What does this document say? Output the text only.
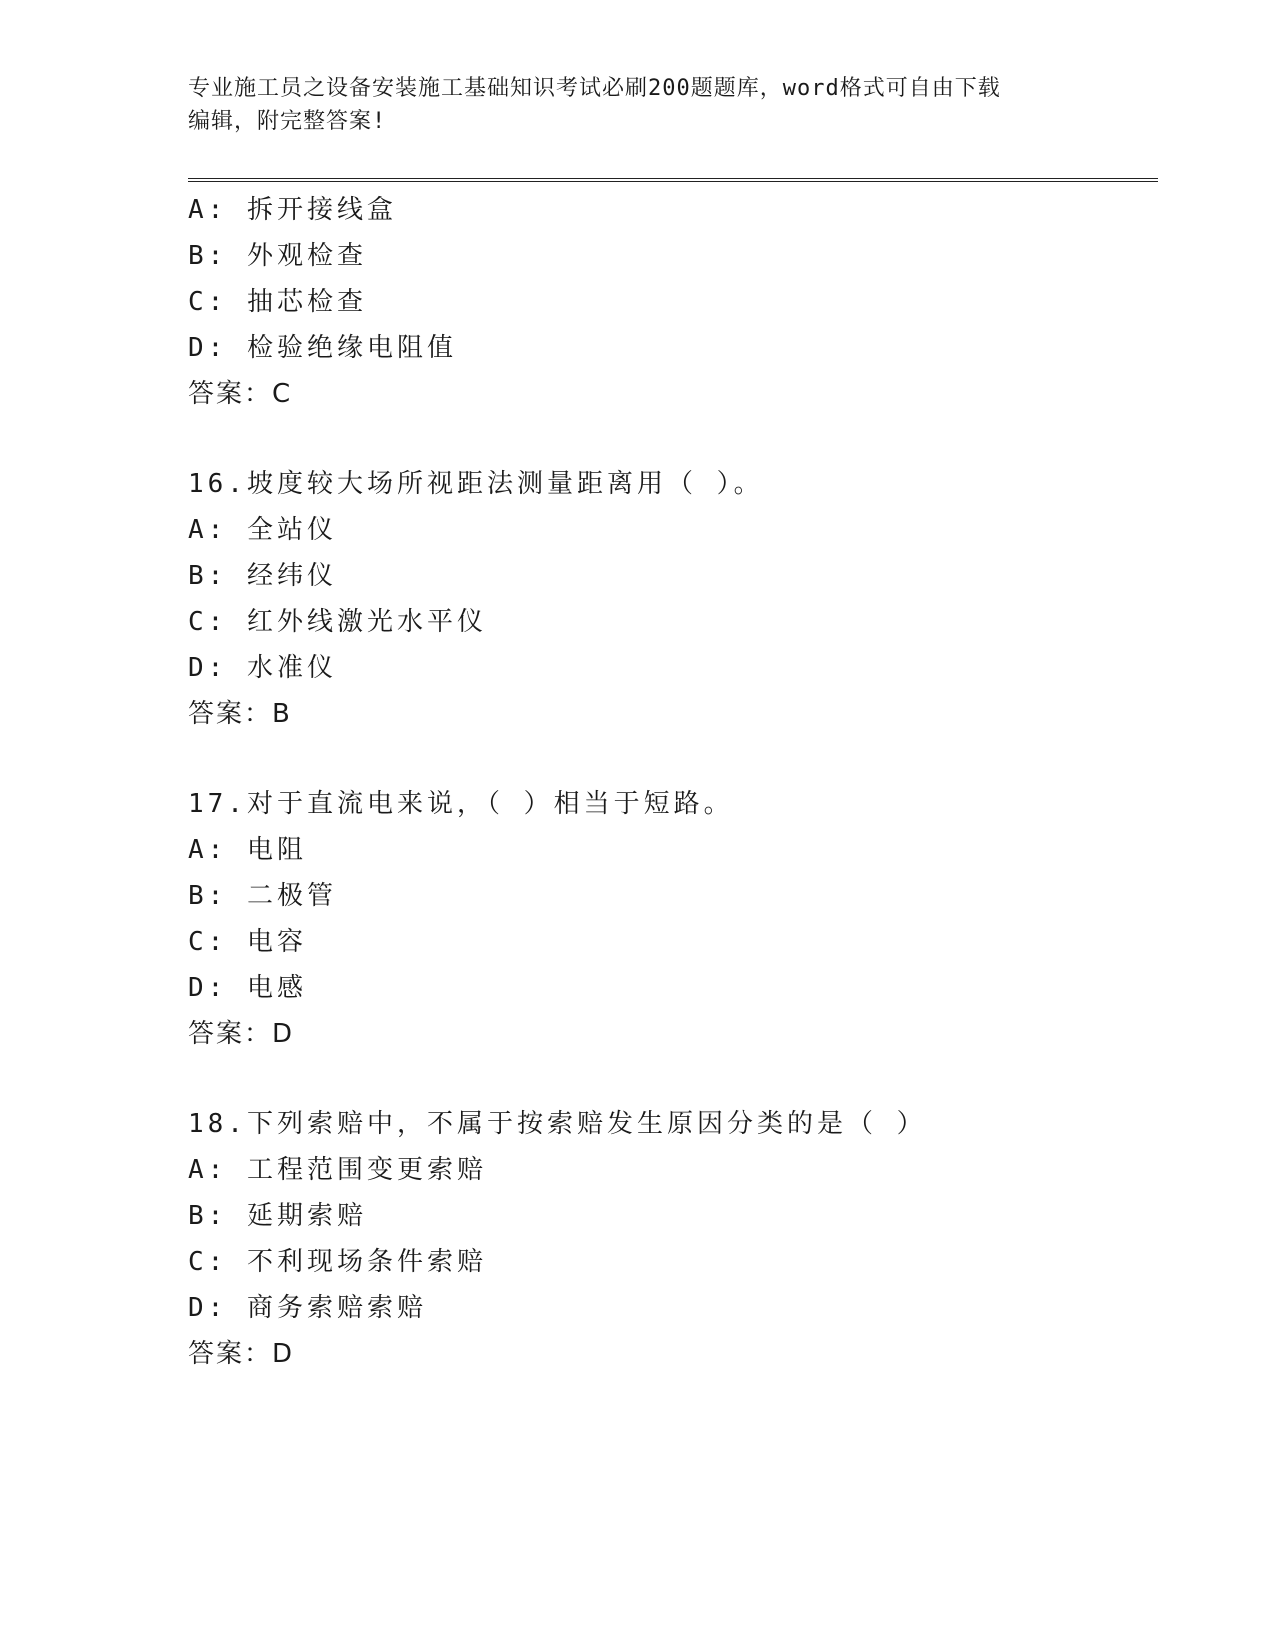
专业施工员之设备安装施工基础知识考试必刷200题题库，word格式可自由下载
编辑，附完整答案!
A: 拆开接线盒
B: 外观检查
C: 抽芯检查
D: 检验绝缘电阻值
答案：C
16.坡度较大场所视距法测量距离用（ ）。
A: 全站仪
B: 经纬仪
C: 红外线激光水平仪
D: 水准仪
答案：B
17.对于直流电来说，（ ）相当于短路。
A: 电阻
B: 二极管
C: 电容
D: 电感
答案：D
18.下列索赔中，不属于按索赔发生原因分类的是（ ）
A: 工程范围变更索赔
B: 延期索赔
C: 不利现场条件索赔
D: 商务索赔索赔
答案：D
